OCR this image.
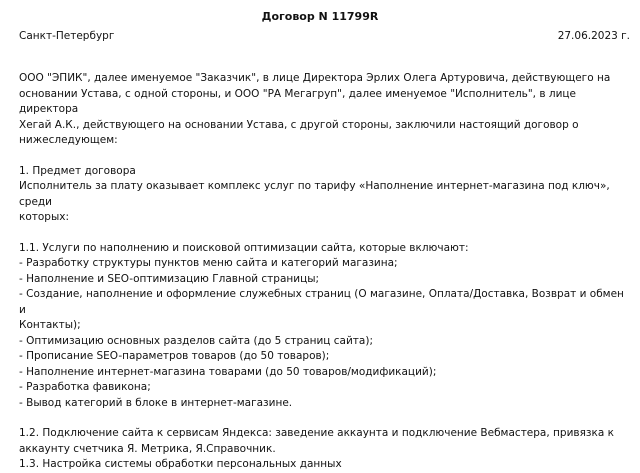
Договор N 11799R
Санкт-Петербург	27.06.2023 г.

ООО "ЭПИК", далее именуемое "Заказчик", в лице Директора Эрлих Олега Артуровича, действующего на

основании Устава, с одной стороны, и ООО "РА Мегагруп", далее именуемое "Исполнитель", в лице директора

Хегай А.К., действующего на основании Устава, с другой стороны, заключили настоящий договор о

нижеследующем:

1. Предмет договора

Исполнитель за плату оказывает комплекс услуг по тарифу «Наполнение интернет-магазина под ключ», среди

которых:

1.1. Услуги по наполнению и поисковой оптимизации сайта, которые включают:

- Разработку структуры пунктов меню сайта и категорий магазина;

- Наполнение и SEO-оптимизацию Главной страницы;

- Создание, наполнение и оформление служебных страниц (О магазине, Оплата/Доставка, Возврат и обмен и

Контакты);

- Оптимизацию основных разделов сайта (до 5 страниц сайта);

- Прописание SEO-параметров товаров (до 50 товаров);

- Наполнение интернет-магазина товарами (до 50 товаров/модификаций);

- Разработка фавикона;

- Вывод категорий в блоке в интернет-магазине.

1.2. Подключение сайта к сервисам Яндекса: заведение аккаунта и подключение Вебмастера, привязка к

аккаунту счетчика Я. Метрика, Я.Справочник.

1.3. Настройка системы обработки персональных данных
